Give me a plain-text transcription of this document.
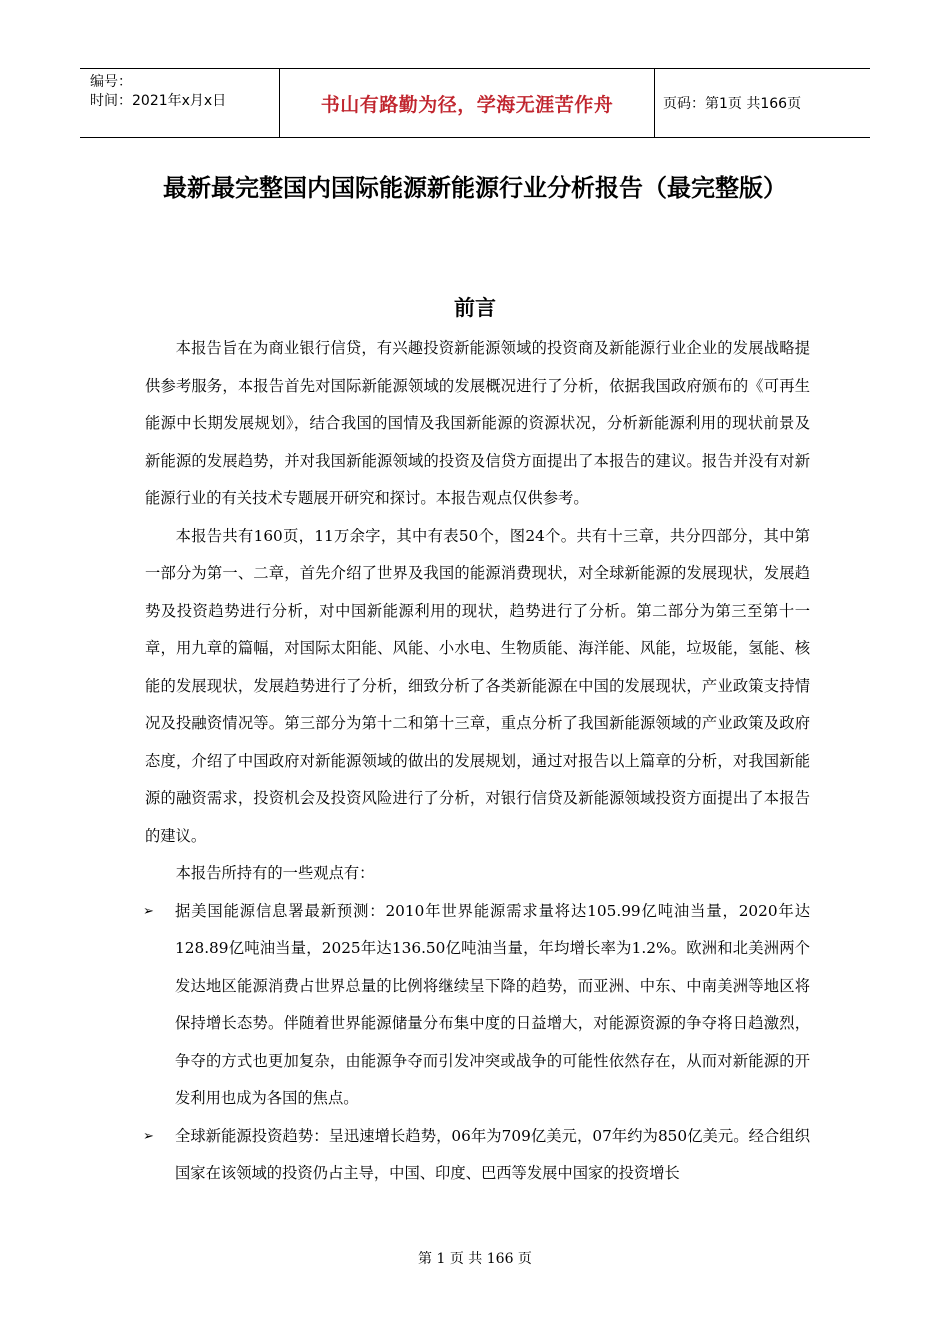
编号：
时间：2021年x月x日	书山有路勤为径，学海无涯苦作舟	页码：第1页 共166页
最新最完整国内国际能源新能源行业分析报告（最完整版）
前言

本报告旨在为商业银行信贷，有兴趣投资新能源领域的投资商及新能源行业企业的发展战略提供参考服务，本报告首先对国际新能源领域的发展概况进行了分析，依据我国政府颁布的《可再生能源中长期发展规划》，结合我国的国情及我国新能源的资源状况，分析新能源利用的现状前景及新能源的发展趋势，并对我国新能源领域的投资及信贷方面提出了本报告的建议。报告并没有对新能源行业的有关技术专题展开研究和探讨。本报告观点仅供参考。

本报告共有160页，11万余字，其中有表50个，图24个。共有十三章，共分四部分，其中第一部分为第一、二章，首先介绍了世界及我国的能源消费现状，对全球新能源的发展现状，发展趋势及投资趋势进行分析，对中国新能源利用的现状，趋势进行了分析。第二部分为第三至第十一章，用九章的篇幅，对国际太阳能、风能、小水电、生物质能、海洋能、风能，垃圾能，氢能、核能的发展现状，发展趋势进行了分析，细致分析了各类新能源在中国的发展现状，产业政策支持情况及投融资情况等。第三部分为第十二和第十三章，重点分析了我国新能源领域的产业政策及政府态度，介绍了中国政府对新能源领域的做出的发展规划，通过对报告以上篇章的分析，对我国新能源的融资需求，投资机会及投资风险进行了分析，对银行信贷及新能源领域投资方面提出了本报告的建议。

本报告所持有的一些观点有：

➢ 据美国能源信息署最新预测：2010年世界能源需求量将达105.99亿吨油当量，2020年达128.89亿吨油当量，2025年达136.50亿吨油当量，年均增长率为1.2%。欧洲和北美洲两个发达地区能源消费占世界总量的比例将继续呈下降的趋势，而亚洲、中东、中南美洲等地区将保持增长态势。伴随着世界能源储量分布集中度的日益增大，对能源资源的争夺将日趋激烈，争夺的方式也更加复杂，由能源争夺而引发冲突或战争的可能性依然存在，从而对新能源的开发利用也成为各国的焦点。
➢ 全球新能源投资趋势：呈迅速增长趋势，06年为709亿美元，07年约为850亿美元。经合组织国家在该领域的投资仍占主导，中国、印度、巴西等发展中国家的投资增长
第 1 页 共 166 页
